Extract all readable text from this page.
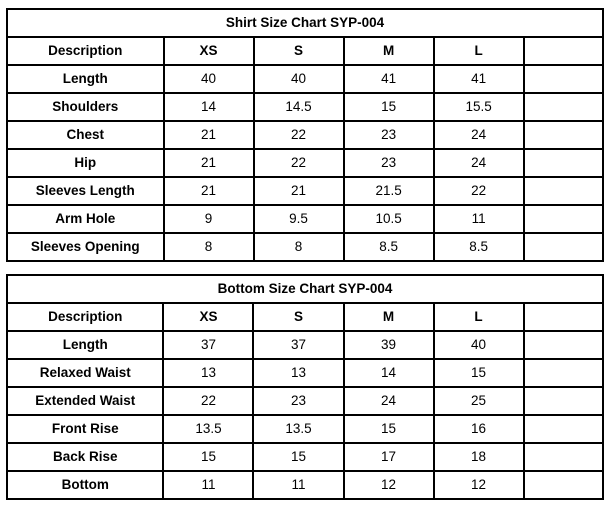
Shirt Size Chart SYP-004					
Description	XS	S	M	L	
Length	40	40	41	41	
Shoulders	14	14.5	15	15.5	
Chest	21	22	23	24	
Hip	21	22	23	24	
Sleeves Length	21	21	21.5	22	
Arm Hole	9	9.5	10.5	11	
Sleeves Opening	8	8	8.5	8.5	
Bottom Size Chart SYP-004					
Description	XS	S	M	L	
Length	37	37	39	40	
Relaxed Waist	13	13	14	15	
Extended Waist	22	23	24	25	
Front Rise	13.5	13.5	15	16	
Back Rise	15	15	17	18	
Bottom	11	11	12	12	
